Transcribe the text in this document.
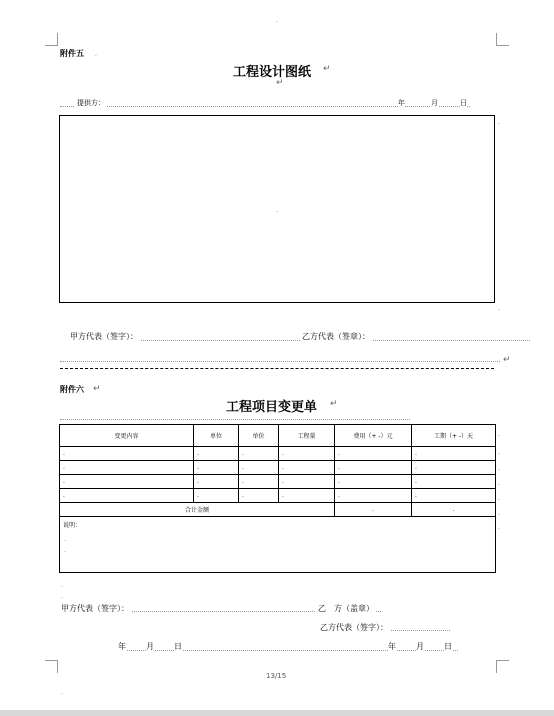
.
附件五 .
工程设计图纸 ↵
↵
提供方：	年	月	日
.
.
.
甲方代表（签字）：	乙方代表（签章）：
↵
附件六 ↵
工程项目变更单 ↵
变更内容	单位	单价	工程量	费用（+ -）元	工期（+ -）天
.	.	.	.	.	.
.	.	.	.	.	.
.	.	.	.	.	.
.	.	.	.	.	.
合计金额				.	.
说明：					
.
.
.
.
.
.
.
.
.
.
.
甲方代表（签字）：	乙　方（盖章）
乙方代表（签字）：
年	月	日	年	月	日
13/15
.
